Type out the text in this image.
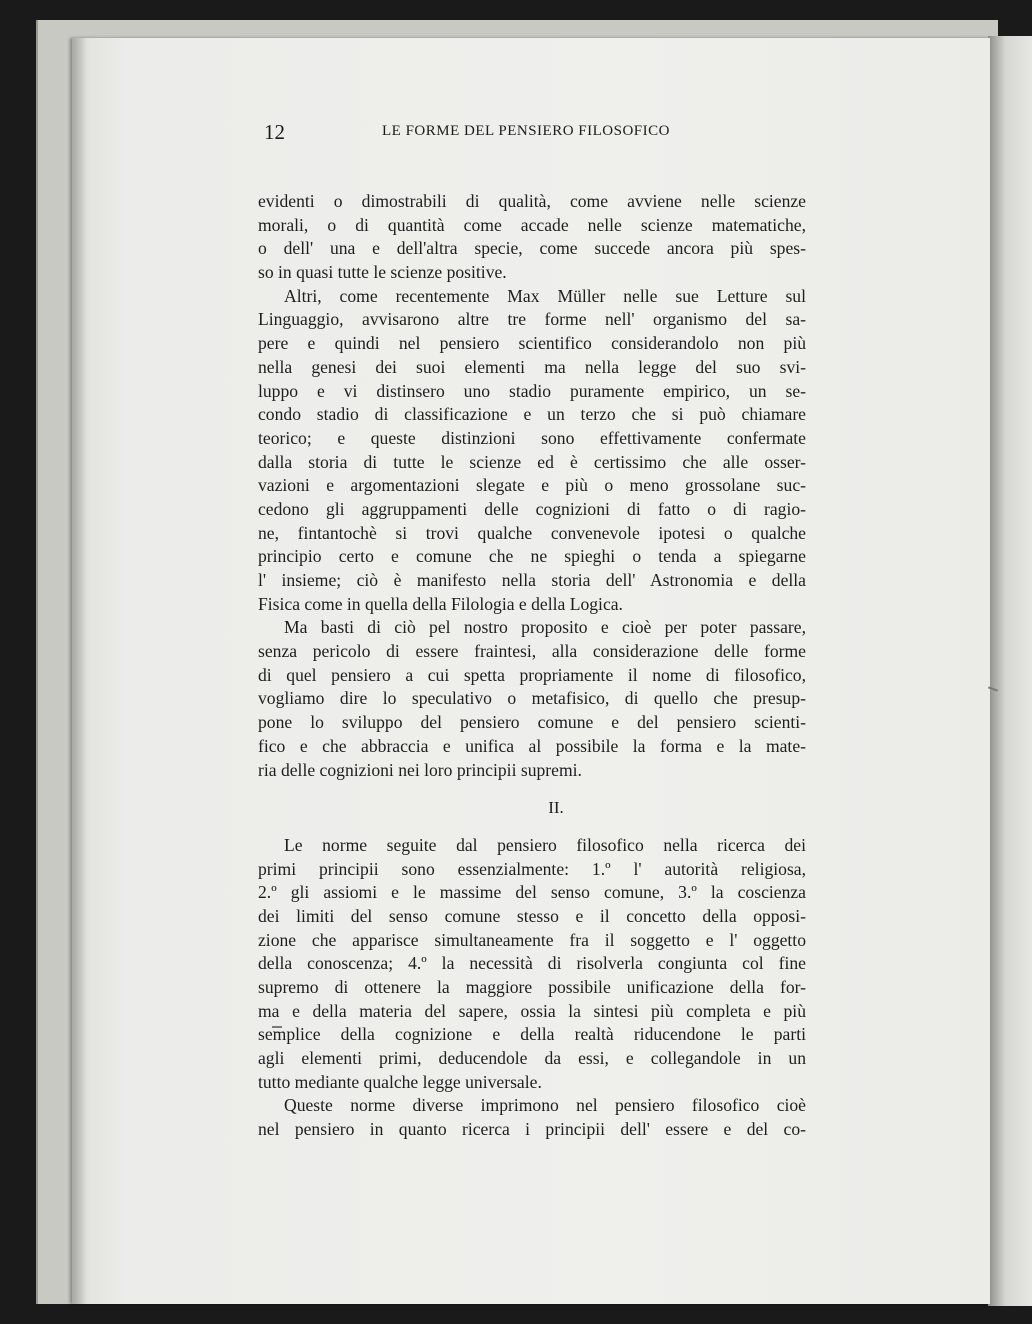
12	LE FORME DEL PENSIERO FILOSOFICO
evidenti o dimostrabili di qualità, come avviene nelle scienze
morali, o di quantità come accade nelle scienze matematiche,
o dell' una e dell'altra specie, come succede ancora più spes-
so in quasi tutte le scienze positive.
Altri, come recentemente Max Müller nelle sue Letture sul
Linguaggio, avvisarono altre tre forme nell' organismo del sa-
pere e quindi nel pensiero scientifico considerandolo non più
nella genesi dei suoi elementi ma nella legge del suo svi-
luppo e vi distinsero uno stadio puramente empirico, un se-
condo stadio di classificazione e un terzo che si può chiamare
teorico; e queste distinzioni sono effettivamente confermate
dalla storia di tutte le scienze ed è certissimo che alle osser-
vazioni e argomentazioni slegate e più o meno grossolane suc-
cedono gli aggruppamenti delle cognizioni di fatto o di ragio-
ne, fintantochè si trovi qualche convenevole ipotesi o qualche
principio certo e comune che ne spieghi o tenda a spiegarne
l' insieme; ciò è manifesto nella storia dell' Astronomia e della
Fisica come in quella della Filologia e della Logica.
Ma basti di ciò pel nostro proposito e cioè per poter passare,
senza pericolo di essere fraintesi, alla considerazione delle forme
di quel pensiero a cui spetta propriamente il nome di filosofico,
vogliamo dire lo speculativo o metafisico, di quello che presup-
pone lo sviluppo del pensiero comune e del pensiero scienti-
fico e che abbraccia e unifica al possibile la forma e la mate-
ria delle cognizioni nei loro principii supremi.
II.
Le norme seguite dal pensiero filosofico nella ricerca dei
primi principii sono essenzialmente: 1.º l' autorità religiosa,
2.º gli assiomi e le massime del senso comune, 3.º la coscienza
dei limiti del senso comune stesso e il concetto della opposi-
zione che apparisce simultaneamente fra il soggetto e l' oggetto
della conoscenza; 4.º la necessità di risolverla congiunta col fine
supremo di ottenere la maggiore possibile unificazione della for-
ma e della materia del sapere, ossia la sintesi più completa e più
semplice della cognizione e della realtà riducendone le parti
agli elementi primi, deducendole da essi, e collegandole in un
tutto mediante qualche legge universale.
Queste norme diverse imprimono nel pensiero filosofico cioè
nel pensiero in quanto ricerca i principii dell' essere e del co-
